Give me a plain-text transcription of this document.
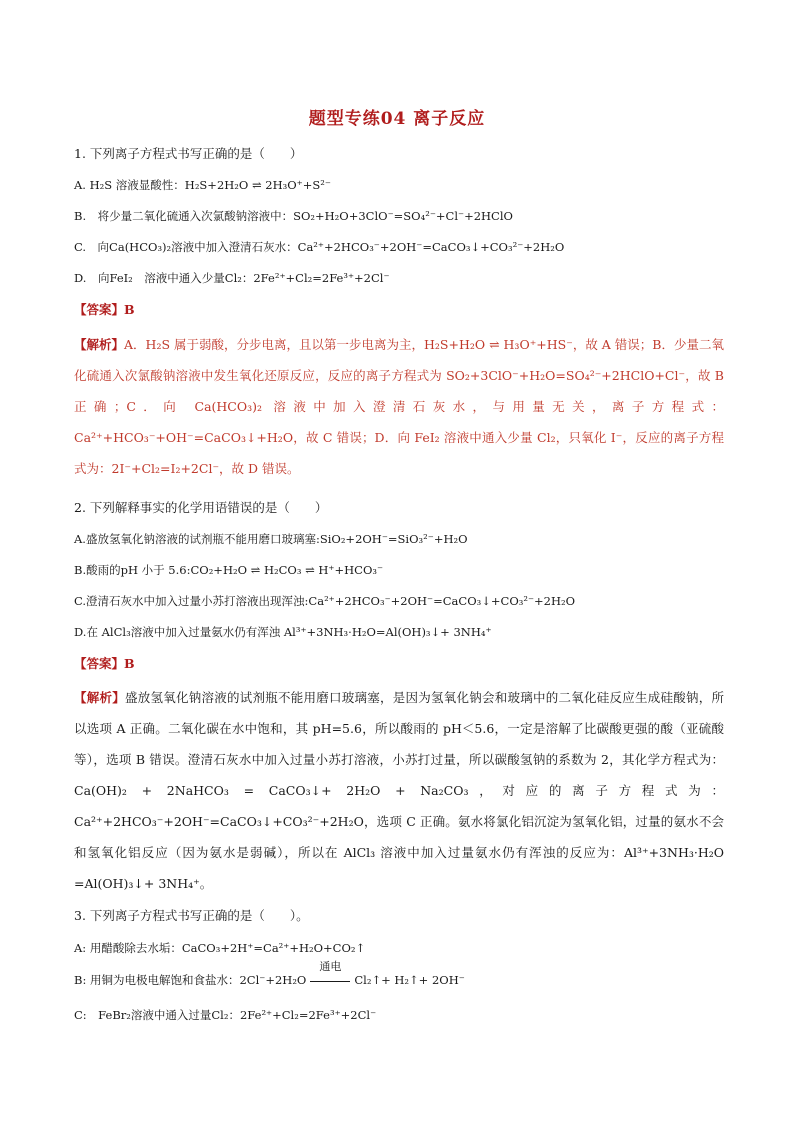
题型专练04 离子反应
1. 下列离子方程式书写正确的是（　　）
A. H₂S 溶液显酸性：H₂S+2H₂O ⇌ 2H₃O⁺+S²⁻
B.　将少量二氧化硫通入次氯酸钠溶液中：SO₂+H₂O+3ClO⁻=SO₄²⁻+Cl⁻+2HClO
C.　向Ca(HCO₃)₂溶液中加入澄清石灰水：Ca²⁺+2HCO₃⁻+2OH⁻=CaCO₃↓+CO₃²⁻+2H₂O
D.　向FeI₂　溶液中通入少量Cl₂：2Fe²⁺+Cl₂=2Fe³⁺+2Cl⁻
【答案】B
【解析】A．H₂S 属于弱酸，分步电离，且以第一步电离为主，H₂S+H₂O ⇌ H₃O⁺+HS⁻，故 A 错误；B．少量二氧化硫通入次氯酸钠溶液中发生氧化还原反应，反应的离子方程式为 SO₂+3ClO⁻+H₂O=SO₄²⁻+2HClO+Cl⁻，故 B 正确；C．向 Ca(HCO₃)₂ 溶液中加入澄清石灰水，与用量无关，离子方程式：Ca²⁺+HCO₃⁻+OH⁻=CaCO₃↓+H₂O，故 C 错误；D．向 FeI₂ 溶液中通入少量 Cl₂，只氧化 I⁻，反应的离子方程式为：2I⁻+Cl₂=I₂+2Cl⁻，故 D 错误。
2. 下列解释事实的化学用语错误的是（　　）
A.盛放氢氧化钠溶液的试剂瓶不能用磨口玻璃塞:SiO₂+2OH⁻=SiO₃²⁻+H₂O
B.酸雨的pH 小于 5.6:CO₂+H₂O ⇌ H₂CO₃ ⇌ H⁺+HCO₃⁻
C.澄清石灰水中加入过量小苏打溶液出现浑浊:Ca²⁺+2HCO₃⁻+2OH⁻=CaCO₃↓+CO₃²⁻+2H₂O
D.在 AlCl₃溶液中加入过量氨水仍有浑浊 Al³⁺+3NH₃·H₂O=Al(OH)₃↓+ 3NH₄⁺
【答案】B
【解析】盛放氢氧化钠溶液的试剂瓶不能用磨口玻璃塞，是因为氢氧化钠会和玻璃中的二氧化硅反应生成硅酸钠，所以选项 A 正确。二氧化碳在水中饱和，其 pH=5.6，所以酸雨的 pH＜5.6，一定是溶解了比碳酸更强的酸（亚硫酸等），选项 B 错误。澄清石灰水中加入过量小苏打溶液，小苏打过量，所以碳酸氢钠的系数为 2，其化学方程式为：Ca(OH)₂ + 2NaHCO₃ = CaCO₃↓+ 2H₂O + Na₂CO₃，对应的离子方程式为：Ca²⁺+2HCO₃⁻+2OH⁻=CaCO₃↓+CO₃²⁻+2H₂O，选项 C 正确。氨水将氯化铝沉淀为氢氧化铝，过量的氨水不会和氢氧化铝反应（因为氨水是弱碱），所以在 AlCl₃ 溶液中加入过量氨水仍有浑浊的反应为：Al³⁺+3NH₃·H₂O =Al(OH)₃↓+ 3NH₄⁺。
3. 下列离子方程式书写正确的是（　　）。
A: 用醋酸除去水垢：CaCO₃+2H⁺=Ca²⁺+H₂O+CO₂↑
B: 用铜为电极电解饱和食盐水：2Cl⁻+2H₂O
通电
Cl₂↑+ H₂↑+ 2OH⁻
C:　FeBr₂溶液中通入过量Cl₂：2Fe²⁺+Cl₂=2Fe³⁺+2Cl⁻
